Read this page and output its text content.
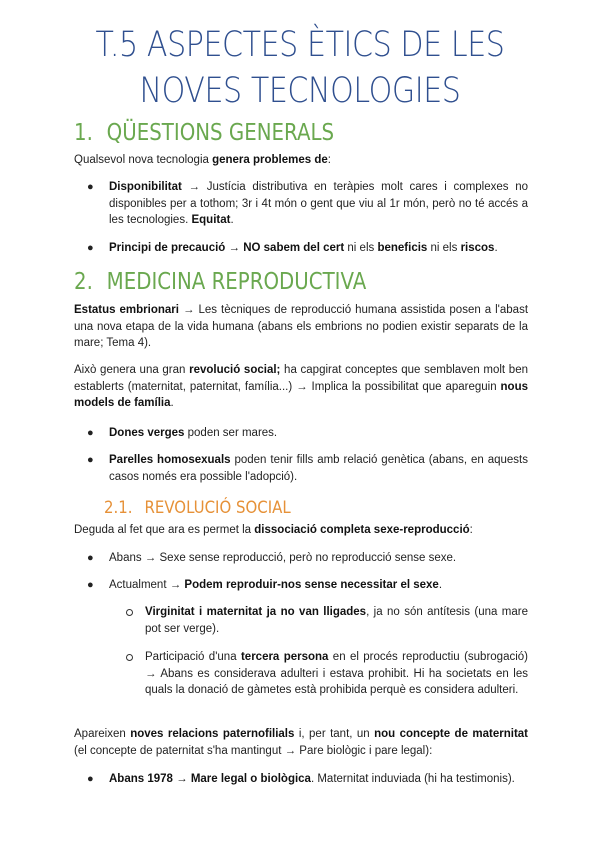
T.5 ASPECTES ÈTICS DE LES NOVES TECNOLOGIES
1. QÜESTIONS GENERALS
Qualsevol nova tecnologia genera problemes de:
● Disponibilitat → Justícia distributiva en teràpies molt cares i complexes no disponibles per a tothom; 3r i 4t món o gent que viu al 1r món, però no té accés a les tecnologies. Equitat.
● Principi de precaució → NO sabem del cert ni els beneficis ni els riscos.
2. MEDICINA REPRODUCTIVA
Estatus embrionari → Les tècniques de reproducció humana assistida posen a l'abast una nova etapa de la vida humana (abans els embrions no podien existir separats de la mare; Tema 4).
Això genera una gran revolució social; ha capgirat conceptes que semblaven molt ben establerts (maternitat, paternitat, família...) → Implica la possibilitat que apareguin nous models de família.
● Dones verges poden ser mares.
● Parelles homosexuals poden tenir fills amb relació genètica (abans, en aquests casos només era possible l'adopció).
2.1. REVOLUCIÓ SOCIAL
Deguda al fet que ara es permet la dissociació completa sexe-reproducció:
● Abans → Sexe sense reproducció, però no reproducció sense sexe.
● Actualment → Podem reproduir-nos sense necessitar el sexe.
Virginitat i maternitat ja no van lligades, ja no són antítesis (una mare pot ser verge).
Participació d'una tercera persona en el procés reproductiu (subrogació) → Abans es considerava adulteri i estava prohibit. Hi ha societats en les quals la donació de gàmetes està prohibida perquè es considera adulteri.
Apareixen noves relacions paternofilials i, per tant, un nou concepte de maternitat (el concepte de paternitat s'ha mantingut → Pare biològic i pare legal):
● Abans 1978 → Mare legal o biològica. Maternitat induviada (hi ha testimonis).
